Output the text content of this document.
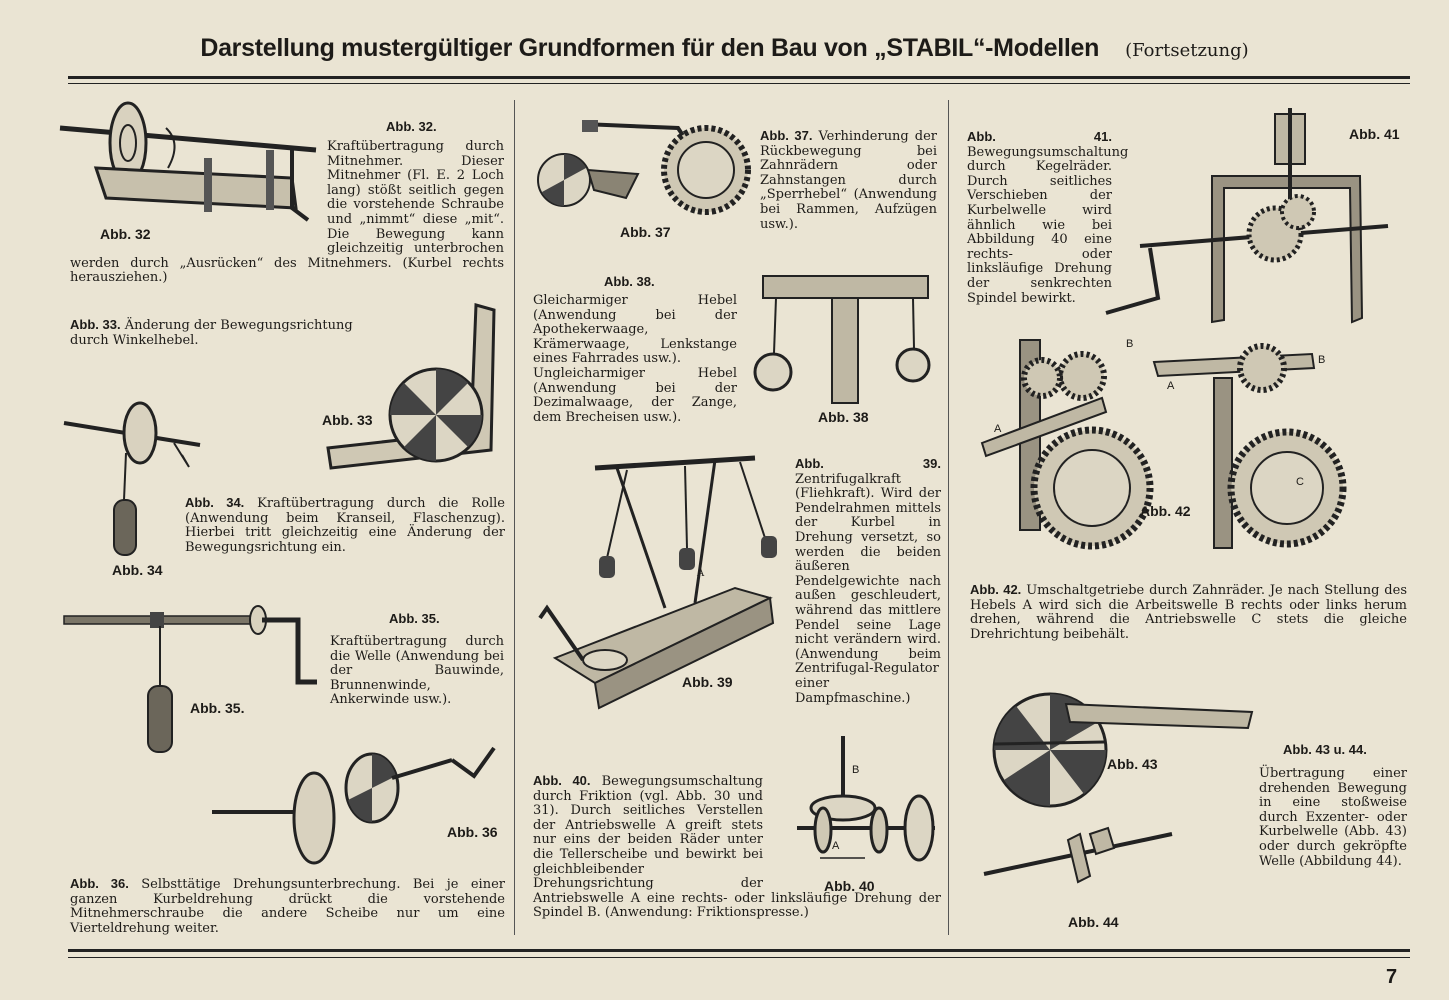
Darstellung mustergültiger Grundformen für den Bau von „STABIL“-Modellen (Fortsetzung)
Abb. 32
Abb. 32.
Kraftübertragung durch Mitnehmer. Dieser Mitnehmer (Fl. E. 2 Loch lang) stößt seitlich gegen die vorstehende Schraube und „nimmt“ diese „mit“. Die Bewegung kann gleichzeitig unterbrochen werden durch „Ausrücken“ des Mitnehmers. (Kurbel rechts herausziehen.)
Abb. 33. Änderung der Bewegungsrichtung durch Winkelhebel.
Abb. 33
Abb. 34
Abb. 34. Kraftübertragung durch die Rolle (Anwendung beim Kranseil, Flaschenzug). Hierbei tritt gleichzeitig eine Änderung der Bewegungsrichtung ein.
Abb. 35.
Abb. 35.
Kraftübertragung durch die Welle (Anwendung bei der Bauwinde, Brunnenwinde, Ankerwinde usw.).
Abb. 36
Abb. 36. Selbsttätige Drehungsunterbrechung. Bei je einer ganzen Kurbeldrehung drückt die vorstehende Mitnehmerschraube die andere Scheibe nur um eine Vierteldrehung weiter.
Abb. 37
Abb. 37. Verhinderung der Rückbewegung bei Zahnrädern oder Zahnstangen durch „Sperrhebel“ (Anwendung bei Rammen, Aufzügen usw.).
Abb. 38.
Gleicharmiger Hebel (Anwendung bei der Apothekerwaage, Krämerwaage, Lenkstange eines Fahrrades usw.).
Ungleicharmiger Hebel (Anwendung bei der Dezimalwaage, der Zange, dem Brecheisen usw.).	Abb. 38
Abb. 39
A
Abb. 39. Zentrifugalkraft (Fliehkraft). Wird der Pendelrahmen mittels der Kurbel in Drehung versetzt, so werden die beiden äußeren Pendelgewichte nach außen geschleudert, während das mittlere Pendel seine Lage nicht verändern wird. (Anwendung beim Zentrifugal-Regulator einer Dampfmaschine.)
Abb. 40. Bewegungsumschaltung durch Friktion (vgl. Abb. 30 und 31). Durch seitliches Verstellen der Antriebswelle A greift stets nur eins der beiden Räder unter die Tellerscheibe und bewirkt bei gleichbleibender Drehungsrichtung der Antriebswelle A eine rechts- oder linksläufige Drehung der Spindel B. (Anwendung: Friktionspresse.)
B
A
Abb. 40
Abb. 41. Bewegungsumschaltung durch Kegelräder. Durch seitliches Verschieben der Kurbelwelle wird ähnlich wie bei Abbildung 40 eine rechts- oder linksläufige Drehung der senkrechten Spindel bewirkt.
Abb. 41
B
B
A
A
C
Abb. 42
Abb. 42. Umschaltgetriebe durch Zahnräder. Je nach Stellung des Hebels A wird sich die Arbeitswelle B rechts oder links herum drehen, während die Antriebswelle C stets die gleiche Drehrichtung beibehält.
Abb. 43
Abb. 44
Abb. 43 u. 44.
Übertragung einer drehenden Bewegung in eine stoßweise durch Exzenter- oder Kurbelwelle (Abb. 43) oder durch gekröpfte Welle (Abbildung 44).
7
